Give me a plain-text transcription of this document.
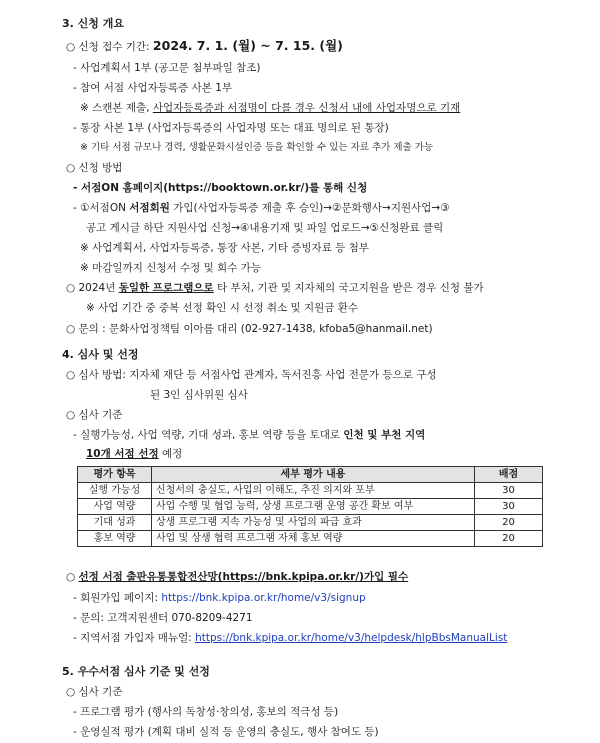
3. 신청 개요
○ 신청 접수 기간: 2024. 7. 1. (월) ~ 7. 15. (월)
- 사업계획서 1부 (공고문 첨부파일 참조)
- 참여 서점 사업자등록증 사본 1부
※ 스캔본 제출, 사업자등록증과 서점명이 다를 경우 신청서 내에 사업자명으로 기재
- 통장 사본 1부 (사업자등록증의 사업자명 또는 대표 명의로 된 통장)
※ 기타 서점 규모나 경력, 생활문화시설인증 등을 확인할 수 있는 자료 추가 제출 가능
○ 신청 방법
- 서점ON 홈페이지(https://booktown.or.kr/)를 통해 신청
- ①서점ON 서점회원 가입(사업자등록증 제출 후 승인)→②문화행사→지원사업→③
공고 게시글 하단 지원사업 신청→④내용기재 및 파일 업로드→⑤신청완료 클릭
※ 사업계획서, 사업자등록증, 통장 사본, 기타 증빙자료 등 첨부
※ 마감일까지 신청서 수정 및 회수 가능
○ 2024년 동일한 프로그램으로 타 부처, 기관 및 지자체의 국고지원을 받은 경우 신청 불가
※ 사업 기간 중 중복 선정 확인 시 선정 취소 및 지원금 환수
○ 문의 : 문화사업정책팀 이아름 대리 (02-927-1438, kfoba5@hanmail.net)
4. 심사 및 선정
○ 심사 방법: 지자체 재단 등 서점사업 관계자, 독서진흥 사업 전문가 등으로 구성
된 3인 심사위원 심사
○ 심사 기준
- 실행가능성, 사업 역량, 기대 성과, 홍보 역량 등을 토대로 인천 및 부천 지역
10개 서점 선정 예정
평가 항목	세부 평가 내용	배점
실행 가능성	신청서의 충실도, 사업의 이해도, 추진 의지와 포부	30
사업 역량	사업 수행 및 협업 능력, 상생 프로그램 운영 공간 확보 여부	30
기대 성과	상생 프로그램 지속 가능성 및 사업의 파급 효과	20
홍보 역량	사업 및 상생 협력 프로그램 자체 홍보 역량	20
○ 선정 서점 출판유통통합전산망(https://bnk.kpipa.or.kr/)가입 필수
- 회원가입 페이지: https://bnk.kpipa.or.kr/home/v3/signup
- 문의: 고객지원센터 070-8209-4271
- 지역서점 가입자 매뉴얼: https://bnk.kpipa.or.kr/home/v3/helpdesk/hlpBbsManualList
5. 우수서점 심사 기준 및 선정
○ 심사 기준
- 프로그램 평가 (행사의 독창성·창의성, 홍보의 적극성 등)
- 운영실적 평가 (계획 대비 실적 등 운영의 충실도, 행사 참여도 등)
